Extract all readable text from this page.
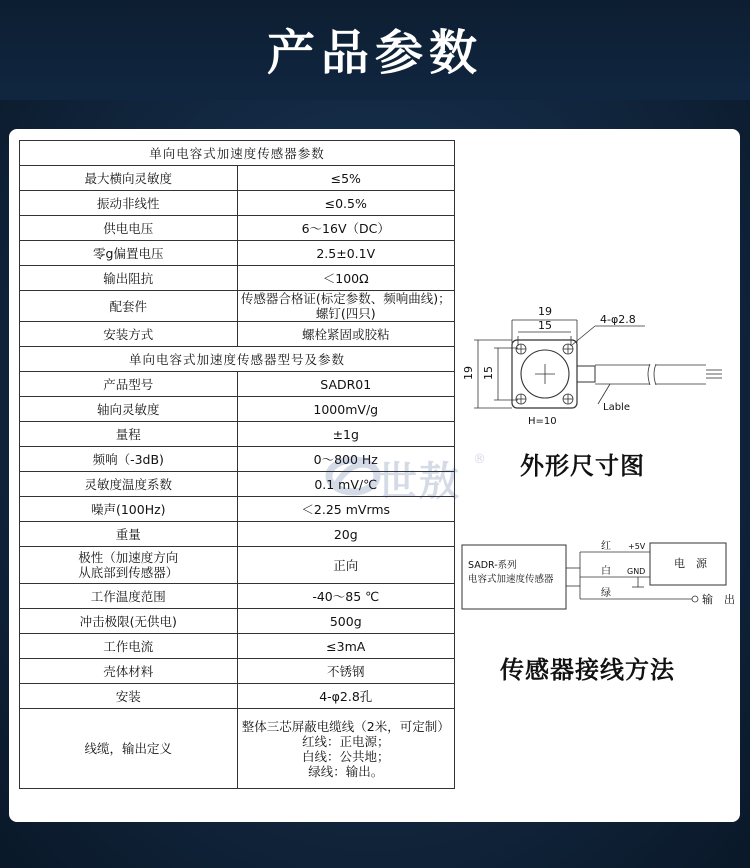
产品参数
单向电容式加速度传感器参数	
最大横向灵敏度	≤5%
振动非线性	≤0.5%
供电电压	6～16V（DC）
零g偏置电压	2.5±0.1V
输出阻抗	＜100Ω
配套件	传感器合格证(标定参数、频响曲线)；螺钉(四只)
安装方式	螺栓紧固或胶粘
单向电容式加速度传感器型号及参数	
产品型号	SADR01
轴向灵敏度	1000mV/g
量程	±1g
频响（-3dB)	0～800 Hz
灵敏度温度系数	0.1 mV/℃
噪声(100Hz)	＜2.25 mVrms
重量	20g
极性（加速度方向
从底部到传感器）	正向
工作温度范围	-40～85 ℃
冲击极限(无供电)	500g
工作电流	≤3mA
壳体材料	不锈钢
安装	4-φ2.8孔
线缆，输出定义	整体三芯屏蔽电缆线（2米，可定制）
红线：正电源；
白线：公共地；
绿线：输出。
世敖 ®
19
15	4-φ2.8
19 15
Lable
H=10
外形尺寸图
SADR-系列
电容式加速度传感器
红
白
绿
+5V
GND
电　源
输　出
传感器接线方法
